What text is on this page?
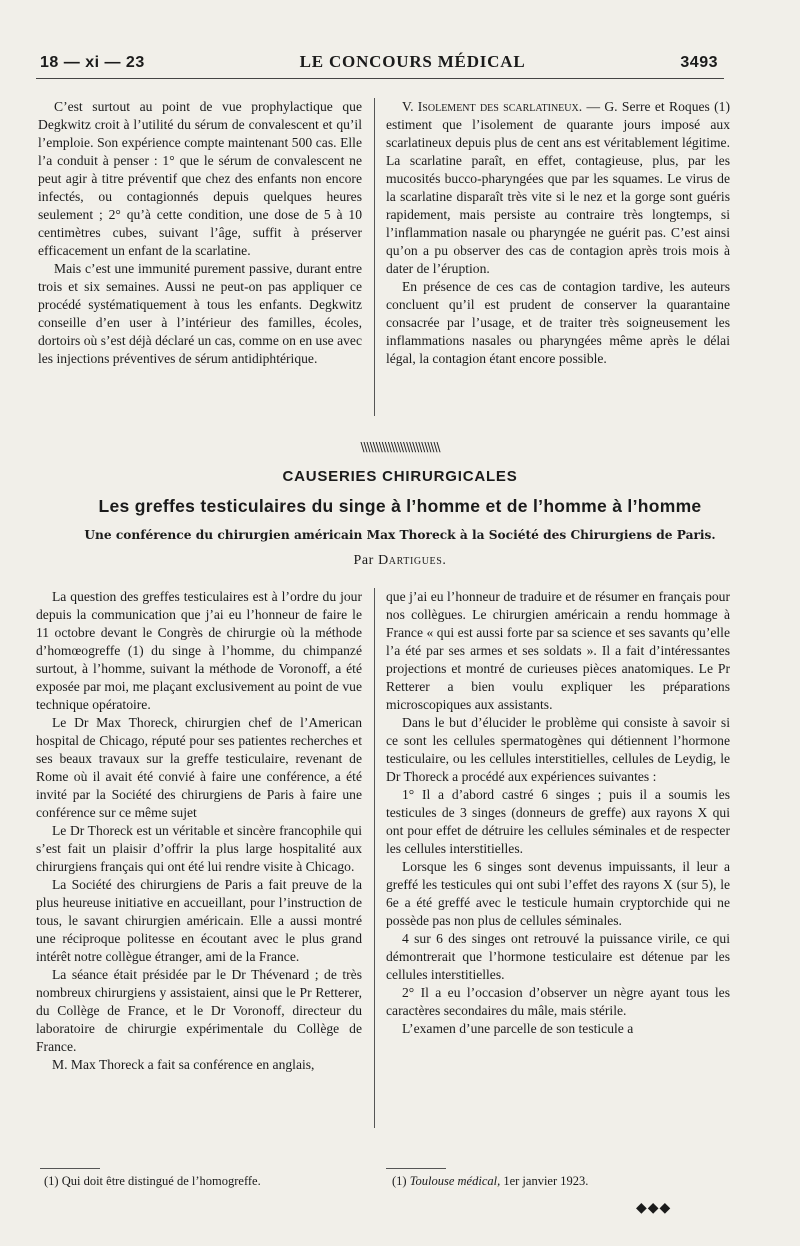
18 — xi — 23	LE CONCOURS MÉDICAL	3493

C’est surtout au point de vue prophylactique que Degkwitz croit à l’utilité du sérum de convalescent et qu’il l’emploie. Son expérience compte maintenant 500 cas. Elle l’a conduit à penser : 1° que le sérum de convalescent ne peut agir à titre préventif que chez des enfants non encore infectés, ou contagionnés depuis quelques heures seulement ; 2° qu’à cette condition, une dose de 5 à 10 centimètres cubes, suivant l’âge, suffit à préserver efficacement un enfant de la scarlatine.

Mais c’est une immunité purement passive, durant entre trois et six semaines. Aussi ne peut-on pas appliquer ce procédé systématiquement à tous les enfants. Degkwitz conseille d’en user à l’intérieur des familles, écoles, dortoirs où s’est déjà déclaré un cas, comme on en use avec les injections préventives de sérum antidiphtérique.

V. Isolement des scarlatineux. — G. Serre et Roques (1) estiment que l’isolement de quarante jours imposé aux scarlatineux depuis plus de cent ans est véritablement légitime. La scarlatine paraît, en effet, contagieuse, plus, par les mucosités bucco-pharyngées que par les squames. Le virus de la scarlatine disparaît très vite si le nez et la gorge sont guéris rapidement, mais persiste au contraire très longtemps, si l’inflammation nasale ou pharyngée ne guérit pas. C’est ainsi qu’on a pu observer des cas de contagion après trois mois à dater de l’éruption.

En présence de ces cas de contagion tardive, les auteurs concluent qu’il est prudent de conserver la quarantaine consacrée par l’usage, et de traiter très soigneusement les inflammations nasales ou pharyngées même après le délai légal, la contagion étant encore possible.

\\\\\\\\\\\\\\\\\\\\\\\\\\
CAUSERIES CHIRURGICALES
Les greffes testiculaires du singe à l’homme et de l’homme à l’homme
Une conférence du chirurgien américain Max Thoreck à la Société des Chirurgiens de Paris.
Par Dartigues.

La question des greffes testiculaires est à l’ordre du jour depuis la communication que j’ai eu l’honneur de faire le 11 octobre devant le Congrès de chirurgie où la méthode d’homœogreffe (1) du singe à l’homme, du chimpanzé surtout, à l’homme, suivant la méthode de Voronoff, a été exposée par moi, me plaçant exclusivement au point de vue technique opératoire.

Le Dr Max Thoreck, chirurgien chef de l’American hospital de Chicago, réputé pour ses patientes recherches et ses beaux travaux sur la greffe testiculaire, revenant de Rome où il avait été convié à faire une conférence, a été invité par la Société des chirurgiens de Paris à faire une conférence sur ce même sujet

Le Dr Thoreck est un véritable et sincère francophile qui s’est fait un plaisir d’offrir la plus large hospitalité aux chirurgiens français qui ont été lui rendre visite à Chicago.

La Société des chirurgiens de Paris a fait preuve de la plus heureuse initiative en accueillant, pour l’instruction de tous, le savant chirurgien américain. Elle a aussi montré une réciproque politesse en écoutant avec le plus grand intérêt notre collègue étranger, ami de la France.

La séance était présidée par le Dr Thévenard ; de très nombreux chirurgiens y assistaient, ainsi que le Pr Retterer, du Collège de France, et le Dr Voronoff, directeur du laboratoire de chirurgie expérimentale du Collège de France.

M. Max Thoreck a fait sa conférence en anglais,

que j’ai eu l’honneur de traduire et de résumer en français pour nos collègues. Le chirurgien américain a rendu hommage à France « qui est aussi forte par sa science et ses savants qu’elle l’a été par ses armes et ses soldats ». Il a fait d’intéressantes projections et montré de curieuses pièces anatomiques. Le Pr Retterer a bien voulu expliquer les préparations microscopiques aux assistants.

Dans le but d’élucider le problème qui consiste à savoir si ce sont les cellules spermatogènes qui détiennent l’hormone testiculaire, ou les cellules interstitielles, cellules de Leydig, le Dr Thoreck a procédé aux expériences suivantes :

1° Il a d’abord castré 6 singes ; puis il a soumis les testicules de 3 singes (donneurs de greffe) aux rayons X qui ont pour effet de détruire les cellules séminales et de respecter les cellules interstitielles.

Lorsque les 6 singes sont devenus impuissants, il leur a greffé les testicules qui ont subi l’effet des rayons X (sur 5), le 6e a été greffé avec le testicule humain cryptorchide qui ne possède pas non plus de cellules séminales.

4 sur 6 des singes ont retrouvé la puissance virile, ce qui démontrerait que l’hormone testiculaire est détenue par les cellules interstitielles.

2° Il a eu l’occasion d’observer un nègre ayant tous les caractères secondaires du mâle, mais stérile.

L’examen d’une parcelle de son testicule a

(1) Qui doit être distingué de l’homogreffe.	(1) Toulouse médical, 1er janvier 1923.
◆◆◆
